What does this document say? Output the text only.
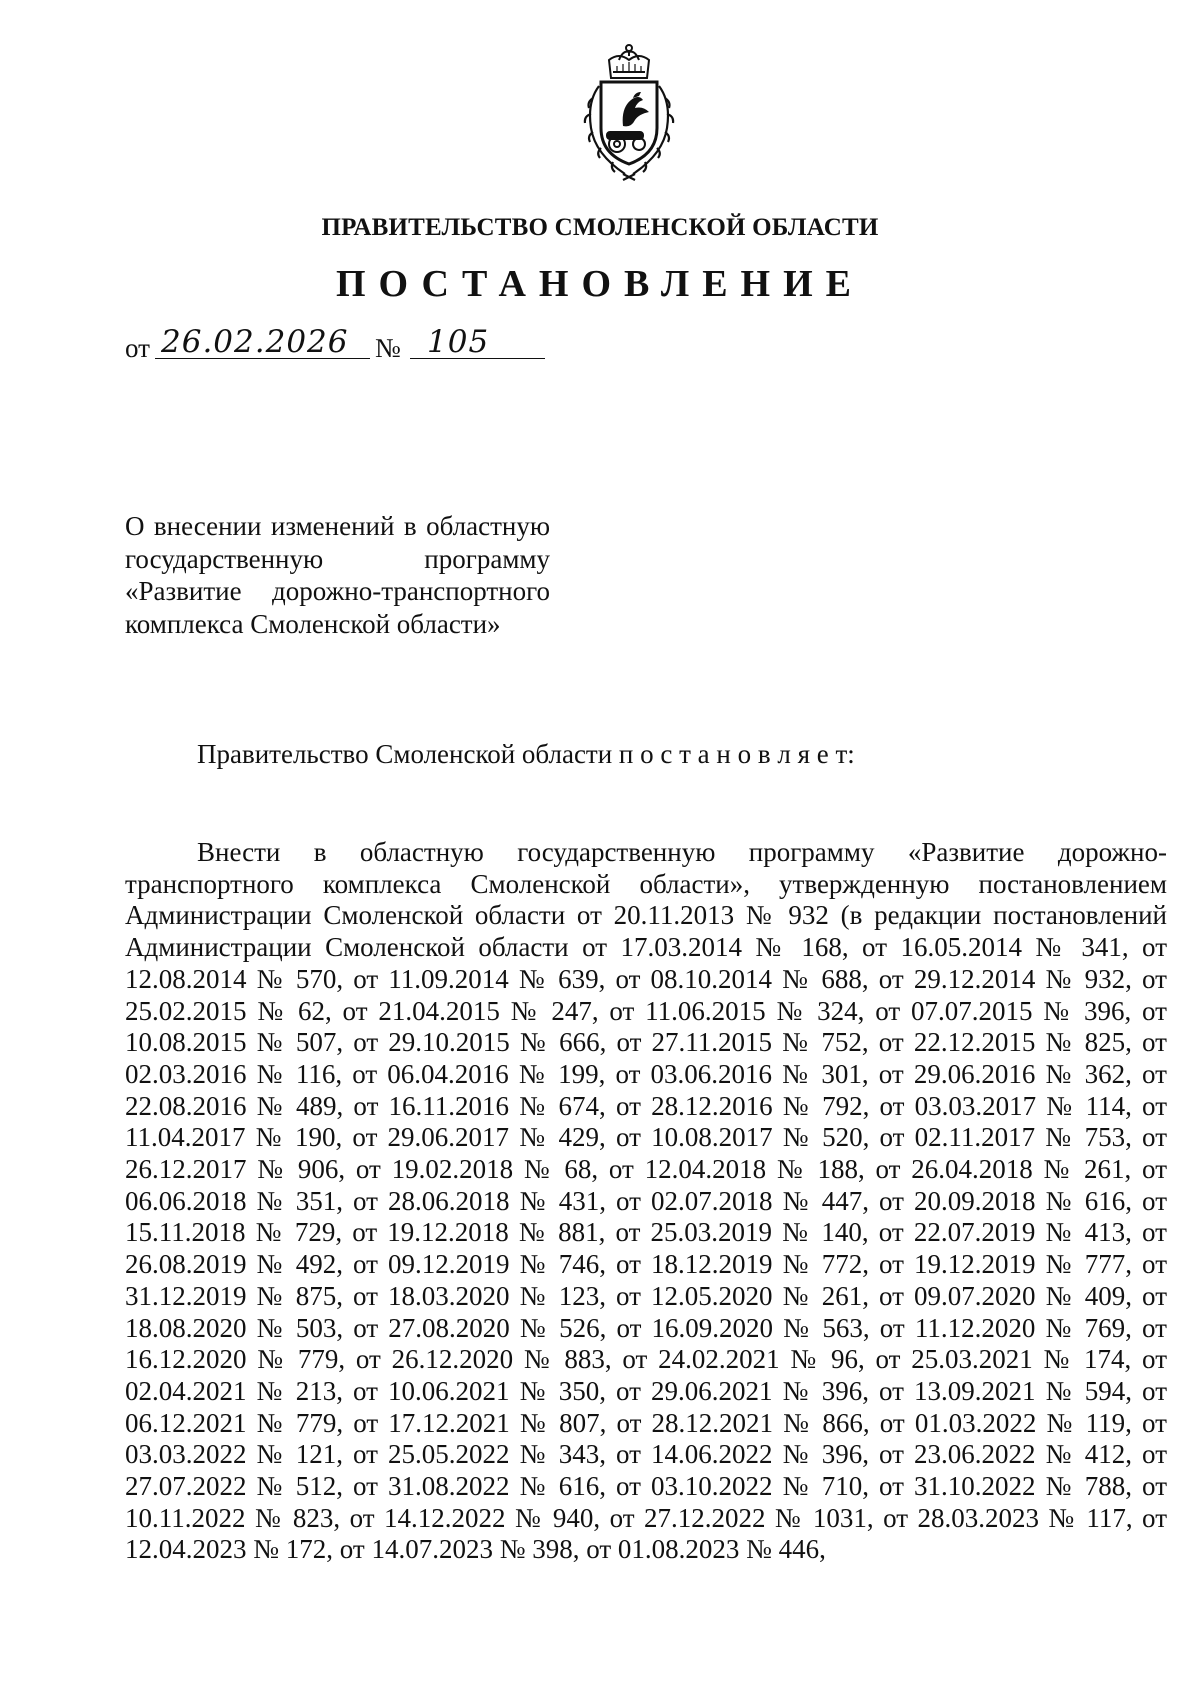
ПРАВИТЕЛЬСТВО СМОЛЕНСКОЙ ОБЛАСТИ
ПОСТАНОВЛЕНИЕ
от 26.02.2026 № 105
О внесении изменений в областную государственную программу «Развитие дорожно-транспортного комплекса Смоленской области»
Правительство Смоленской области п о с т а н о в л я е т:
Внести в областную государственную программу «Развитие дорожно-транспортного комплекса Смоленской области», утвержденную постановлением Администрации Смоленской области от 20.11.2013 № 932 (в редакции постановлений Администрации Смоленской области от 17.03.2014 № 168, от 16.05.2014 № 341, от 12.08.2014 № 570, от 11.09.2014 № 639, от 08.10.2014 № 688, от 29.12.2014 № 932, от 25.02.2015 № 62, от 21.04.2015 № 247, от 11.06.2015 № 324, от 07.07.2015 № 396, от 10.08.2015 № 507, от 29.10.2015 № 666, от 27.11.2015 № 752, от 22.12.2015 № 825, от 02.03.2016 № 116, от 06.04.2016 № 199, от 03.06.2016 № 301, от 29.06.2016 № 362, от 22.08.2016 № 489, от 16.11.2016 № 674, от 28.12.2016 № 792, от 03.03.2017 № 114, от 11.04.2017 № 190, от 29.06.2017 № 429, от 10.08.2017 № 520, от 02.11.2017 № 753, от 26.12.2017 № 906, от 19.02.2018 № 68, от 12.04.2018 № 188, от 26.04.2018 № 261, от 06.06.2018 № 351, от 28.06.2018 № 431, от 02.07.2018 № 447, от 20.09.2018 № 616, от 15.11.2018 № 729, от 19.12.2018 № 881, от 25.03.2019 № 140, от 22.07.2019 № 413, от 26.08.2019 № 492, от 09.12.2019 № 746, от 18.12.2019 № 772, от 19.12.2019 № 777, от 31.12.2019 № 875, от 18.03.2020 № 123, от 12.05.2020 № 261, от 09.07.2020 № 409, от 18.08.2020 № 503, от 27.08.2020 № 526, от 16.09.2020 № 563, от 11.12.2020 № 769, от 16.12.2020 № 779, от 26.12.2020 № 883, от 24.02.2021 № 96, от 25.03.2021 № 174, от 02.04.2021 № 213, от 10.06.2021 № 350, от 29.06.2021 № 396, от 13.09.2021 № 594, от 06.12.2021 № 779, от 17.12.2021 № 807, от 28.12.2021 № 866, от 01.03.2022 № 119, от 03.03.2022 № 121, от 25.05.2022 № 343, от 14.06.2022 № 396, от 23.06.2022 № 412, от 27.07.2022 № 512, от 31.08.2022 № 616, от 03.10.2022 № 710, от 31.10.2022 № 788, от 10.11.2022 № 823, от 14.12.2022 № 940, от 27.12.2022 № 1031, от 28.03.2023 № 117, от 12.04.2023 № 172, от 14.07.2023 № 398, от 01.08.2023 № 446,
